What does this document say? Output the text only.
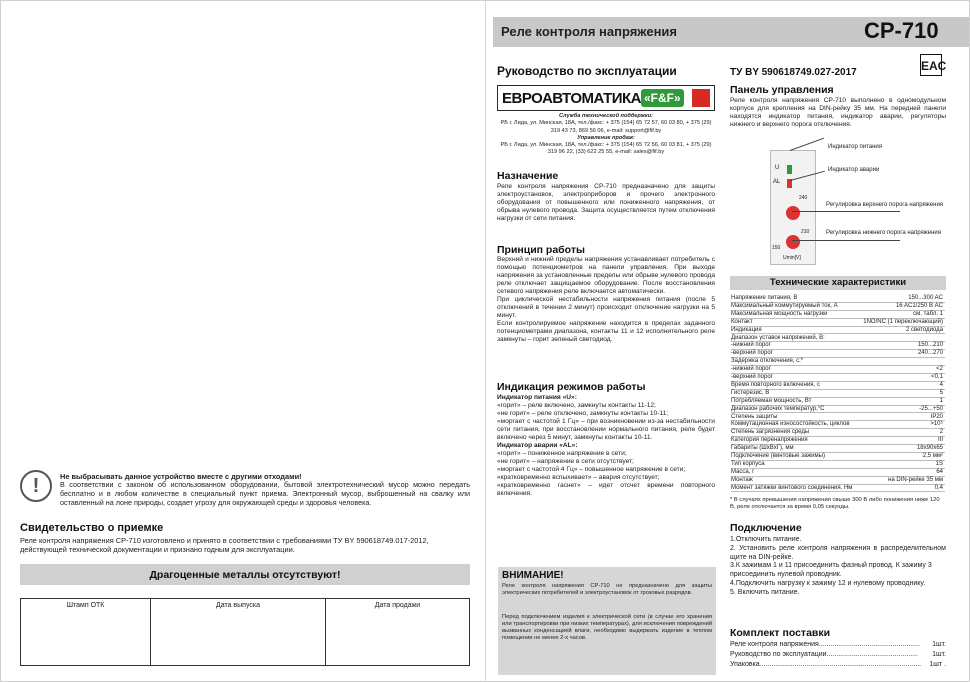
!	Не выбрасывать данное устройство вместе с другими отходами!
В соответствии с законом об использованном оборудовании, бытовой электротехнический мусор можно передать бесплатно и в любом количестве в специальный пункт приема. Электронный мусор, выброшенный на свалку или оставленный на лоне природы, создает угрозу для окружающей среды и здоровья человека.
Свидетельство о приемке
Реле контроля напряжения CP-710 изготовлено и принято в соответствии с требованиями ТУ BY 590618749.017-2012, действующей технической документации и признано годным для эксплуатации.
Драгоценные металлы отсутствуют!
Штамп ОТК	Дата выпуска	Дата продажи
Реле контроля напряжения	CP-710
Руководство по эксплуатации
ЕВРОАВТОМАТИКА «F&F»
Служба технической поддержки:
РБ г. Лида, ул. Минская, 18А, тел./факс: + 375 (154) 65 72 57, 60 03 80, + 375 (29) 319 43 73, 869 56 06, e-mail: support@fif.by
Управление продаж:
РБ г. Лида, ул. Минская, 18А, тел./факс: + 375 (154) 65 72 56, 60 03 81, + 375 (29) 319 96 22, (33) 622 25 55, e-mail: sales@fif.by
Назначение
Реле контроля напряжения CP-710 предназначено для защиты электроустановок, электроприборов и прочего электронного оборудования от повышенного или пониженного напряжения, от обрыва нулевого провода. Защита осуществляется путем отключения нагрузки от сети питания.
Принцип работы
Верхний и нижний пределы напряжения устанавливает потребитель с помощью потенциометров на панели управления. При выходе напряжения за установленные пределы или обрыве нулевого провода реле отключает защищаемое оборудование. После восстановления сетевого напряжения реле включается автоматически.
При циклической нестабильности напряжения питания (после 5 отключений в течении 2 минут) происходит отключение нагрузки на 5 минут.
Если контролируемое напряжение находится в пределах заданного потенциометрами диапазона, контакты 11 и 12 исполнительного реле замкнуты – горит зеленый светодиод.
Индикация режимов работы
Индикатор питания «U»:
«горит» – реле включено, замкнуты контакты 11-12;
«не горит» – реле отключено, замкнуты контакты 10-11;
«моргает с частотой 1 Гц» – при возникновении из-за нестабильности сети питания, при восстановлении нормального питания, реле будет включено через 5 минут, замкнуты контакты 10-11.
Индикатор аварии «AL»:
«горит» – пониженное напряжение в сети;
«не горит» – напряжение в сети отсутствует;
«моргает с частотой 4 Гц» – повышенное напряжение в сети;
«кратковременно вспыхивает» – авария отсутствует;
«кратковременно гаснет» – идет отсчет времени повторного включения.
ВНИМАНИЕ!
Реле контроля напряжения CP-710 не предназначено для защиты электрических потребителей и электроустановок от грозовых разрядов.
Перед подключением изделия к электрической сети (в случае его хранения или транспортировки при низких температурах), для исключения повреждений вызванных конденсацией влаги, необходимо выдержать изделие в теплом помещении не менее 2-х часов.
ТУ BY 590618749.027-2017	EAC
Панель управления
Реле контроля напряжения CP-710 выполнено в одномодульном корпусе для крепления на DIN-рейку 35 мм. На передней панели находятся индикатор питания, индикатор аварии, регуляторы нижнего и верхнего порога отключения.
U
AL
240
210
150
Umin[V]
Индикатор питания
Индикатор аварии
Регулировка верхнего порога напряжения
Регулировка нижнего порога напряжения
Технические характеристики
Напряжение питания, В	150...300 AC
Максимальный коммутируемый ток, А	16 AC1/250 В AC
Максимальная мощность нагрузки	см. табл. 1
Контакт	1NO/NC (1 переключающий)
Индикация	2 светодиода
Диапазон уставок напряжений, В:
-нижний порог	150...210
-верхний порог	240...270
Задержка отключения, с:*
-нижний порог	<2
-верхний порог	<0,1
Время повторного включения, с	4
Гистерезис, В	5
Потребляемая мощность, Вт	1
Диапазон рабочих температур,°С	-25...+50
Степень защиты	IP20
Коммутационная износостойкость, циклов	>10⁵
Степень загрязнения среды	2
Категория перенапряжения	III
Габариты (ШxВxГ), мм	18x90x65
Подключение (винтовые зажимы)	2,5 мм²
Тип корпуса	1S
Масса, г	64
Монтаж	на DIN-рейке 35 мм
Момент затяжки винтового соединения, Нм	0,4
* В случаях превышения напряжения свыше 300 В либо понижения ниже 120 В, реле отключается за время 0,05 секунды.
Подключение
1.Отключить питание.
2. Установить реле контроля напряжения в распределительном щите на DIN-рейке.
3.К зажимам 1 и 11 присоединить фазный провод. К зажиму 3 присоединить нулевой проводник.
4.Подключить нагрузку к зажиму 12 и нулевому проводнику.
5. Включить питание.
Комплект поставки
Реле контроля напряжения.................................................... 1шт.
Руководство по эксплуатации............................................... 1шт.
Упаковка................................................................................... 1шт .
